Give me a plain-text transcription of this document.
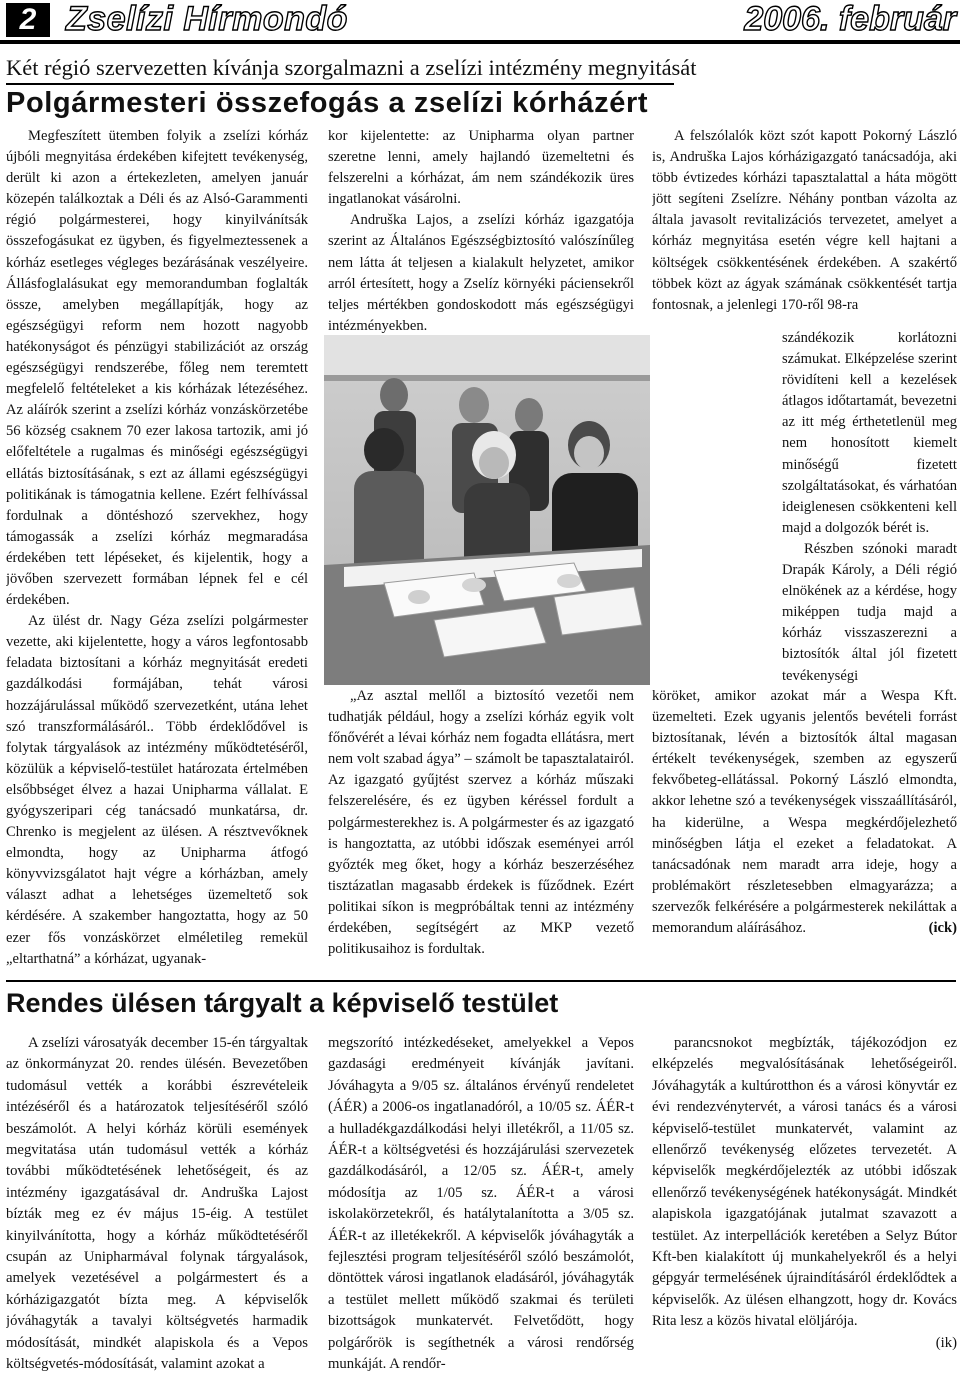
2 Zselízi Hírmondó	2006. február
Két régió szervezetten kívánja szorgalmazni a zselízi intézmény megnyitását
Polgármesteri összefogás a zselízi kórházért

Megfeszített ütemben folyik a zselízi kórház újbóli megnyitása érdekében kifejtett tevékenység, derült ki azon a értekezleten, amelyen január közepén találkoztak a Déli és az Alsó-Garammenti régió polgármesterei, hogy kinyilvánítsák összefogásukat ez ügyben, és figyelmeztessenek a kórház esetleges végleges bezárásának veszélyeire. Állásfoglalásukat egy memorandumban foglalták össze, amelyben megállapítják, hogy az egészségügyi reform nem hozott nagyobb hatékonyságot és pénzügyi stabilizációt az ország egészségügyi rendszerébe, főleg nem teremtett megfelelő feltételeket a kis kórházak létezéséhez. Az aláírók szerint a zselízi kórház vonzáskörzetébe 56 község csaknem 70 ezer lakosa tartozik, ami jó előfeltétele a rugalmas és minőségi egészségügyi ellátás biztosításának, s ezt az állami egészségügyi politikának is támogatnia kellene. Ezért felhívással fordulnak a döntéshozó szervekhez, hogy támogassák a zselízi kórház megmaradása érdekében tett lépéseket, és kijelentik, hogy a jövőben szervezett formában lépnek fel e cél érdekében.

Az ülést dr. Nagy Géza zselízi polgármester vezette, aki kijelentette, hogy a város legfontosabb feladata biztosítani a kórház megnyitását eredeti gazdálkodási formájában, tehát városi hozzájárulással működő szervezetként, utána lehet szó transzformálásáról.. Több érdeklődővel is folytak tárgyalások az intézmény működtetéséről, közülük a képviselő-testület határozata értelmében elsőbbséget élvez a hazai Unipharma vállalat. E gyógyszeripari cég tanácsadó munkatársa, dr. Chrenko is megjelent az ülésen. A résztvevőknek elmondta, hogy az Unipharma átfogó könyvvizsgálatot hajt végre a kórházban, amely választ adhat a lehetséges üzemeltető sok kérdésére. A szakember hangoztatta, hogy az 50 ezer fős vonzáskörzet elméletileg remekül „eltarthatná” a kórházat, ugyanak-

kor kijelentette: az Unipharma olyan partner szeretne lenni, amely hajlandó üzemeltetni és felszerelni a kórházat, ám nem szándékozik üres ingatlanokat vásárolni.

Andruška Lajos, a zselízi kórház igazgatója szerint az Általános Egészségbiztosító valószínűleg nem látta át teljesen a kialakult helyzetet, amikor arról értesített, hogy a Zselíz környéki páciensekről teljes mértékben gondoskodott más egészségügyi intézményekben.

„Az asztal mellől a biztosító vezetői nem tudhatják például, hogy a zselízi kórház egyik volt főnővérét a lévai kórház nem fogadta ellátásra, mert nem volt szabad ágya” – számolt be tapasztalatairól. Az igazgató gyűjtést szervez a kórház műszaki felszerelésére, és ez ügyben kéréssel fordult a polgármesterekhez is. A polgármester és az igazgató is hangoztatta, az utóbbi időszak eseményei arról győzték meg őket, hogy a kórház beszerzéséhez tisztázatlan magasabb érdekek is fűződnek. Ezért politikai síkon is megpróbáltak tenni az intézmény érdekében, segítségért az MKP vezető politikusaihoz is fordultak.

A felszólalók közt szót kapott Pokorný László is, Andruška Lajos kórházigazgató tanácsadója, aki több évtizedes kórházi tapasztalattal a háta mögött jött segíteni Zselízre. Néhány pontban vázolta az általa javasolt revitalizációs tervezetet, amelyet a kórház megnyitása esetén végre kell hajtani a költségek csökkentésének érdekében. A szakértő többek közt az ágyak számának csökkentését tartja fontosnak, a jelenlegi 170-ről 98-ra

szándékozik korlátozni számukat. Elképzelése szerint rövidíteni kell a kezelések átlagos időtartamát, bevezetni az itt még érthetetlenül meg nem honosított kiemelt minőségű fizetett szolgáltatásokat, és várhatóan ideiglenesen csökkenteni kell majd a dolgozók bérét is.

Részben szónoki maradt Drapák Károly, a Déli régió elnökének az a kérdése, hogy miképpen tudja majd a kórház visszaszerezni a biztosítók által jól fizetett tevékenységi

köröket, amikor azokat már a Wespa Kft. üzemelteti. Ezek ugyanis jelentős bevételi forrást biztosítanak, lévén a biztosítók által magasan értékelt tevékenységek, szemben az egyszerű fekvőbeteg-ellátással. Pokorný László elmondta, akkor lehetne szó a tevékenységek visszaállításáról, ha kiderülne, a Wespa megkérdőjelezhető minőségben látja el ezeket a feladatokat. A tanácsadónak nem maradt arra ideje, hogy a problémakört részletesebben elmagyarázza; a szervezők felkérésére a polgármesterek nekiláttak a memorandum aláírásához.	(ick)

Rendes ülésen tárgyalt a képviselő testület

A zselízi városatyák december 15-én tárgyaltak az önkormányzat 20. rendes ülésén. Bevezetőben tudomásul vették a korábbi észrevételeik intézéséről és a határozatok teljesítéséről szóló beszámolót. A helyi kórház körüli események megvitatása után tudomásul vették a kórház további működtetésének lehetőségeit, és az intézmény igazgatásával dr. Andruška Lajost bízták meg ez év május 15-éig. A testület kinyilvánította, hogy a kórház működtetéséről csupán az Unipharmával folynak tárgyalások, amelyek vezetésével a polgármestert és a kórházigazgatót bízta meg. A képviselők jóváhagyták a tavalyi költségvetés harmadik módosítását, mindkét alapiskola és a Vepos költségvetés-módosítását, valamint azokat a

megszorító intézkedéseket, amelyekkel a Vepos gazdasági eredményeit kívánják javítani. Jóváhagyta a 9/05 sz. általános érvényű rendeletet (ÁÉR) a 2006-os ingatlanadóról, a 10/05 sz. ÁÉR-t a hulladékgazdálkodási helyi illetékről, a 11/05 sz. ÁÉR-t a költségvetési és hozzájárulási szervezetek gazdálkodásáról, a 12/05 sz. ÁÉR-t, amely módosítja az 1/05 sz. ÁÉR-t a városi iskolakörzetekről, és hatálytalanította a 3/05 sz. ÁÉR-t az illetékekről. A képviselők jóváhagyták a fejlesztési program teljesítéséről szóló beszámolót, döntöttek városi ingatlanok eladásáról, jóváhagyták a testület mellett működő szakmai és területi bizottságok munkatervét. Felvetődött, hogy polgárőrök is segíthetnék a városi rendőrség munkáját. A rendőr-

parancsnokot megbízták, tájékozódjon ez elképzelés megvalósításának lehetőségeiről. Jóváhagyták a kultúrotthon és a városi könyvtár ez évi rendezvénytervét, a városi tanács és a városi képviselő-testület munkatervét, valamint az ellenőrző tevékenység előzetes tervezetét. A képviselők megkérdőjelezték az utóbbi időszak ellenőrző tevékenységének hatékonyságát. Mindkét alapiskola igazgatójának jutalmat szavazott a testület. Az interpellációk keretében a Selyz Bútor Kft-ben kialakított új munkahelyekről és a helyi gépgyár termelésének újraindításáról érdeklődtek a képviselők. Az ülésen elhangzott, hogy dr. Kovács Rita lesz a közös hivatal elöljárója.

(ik)
